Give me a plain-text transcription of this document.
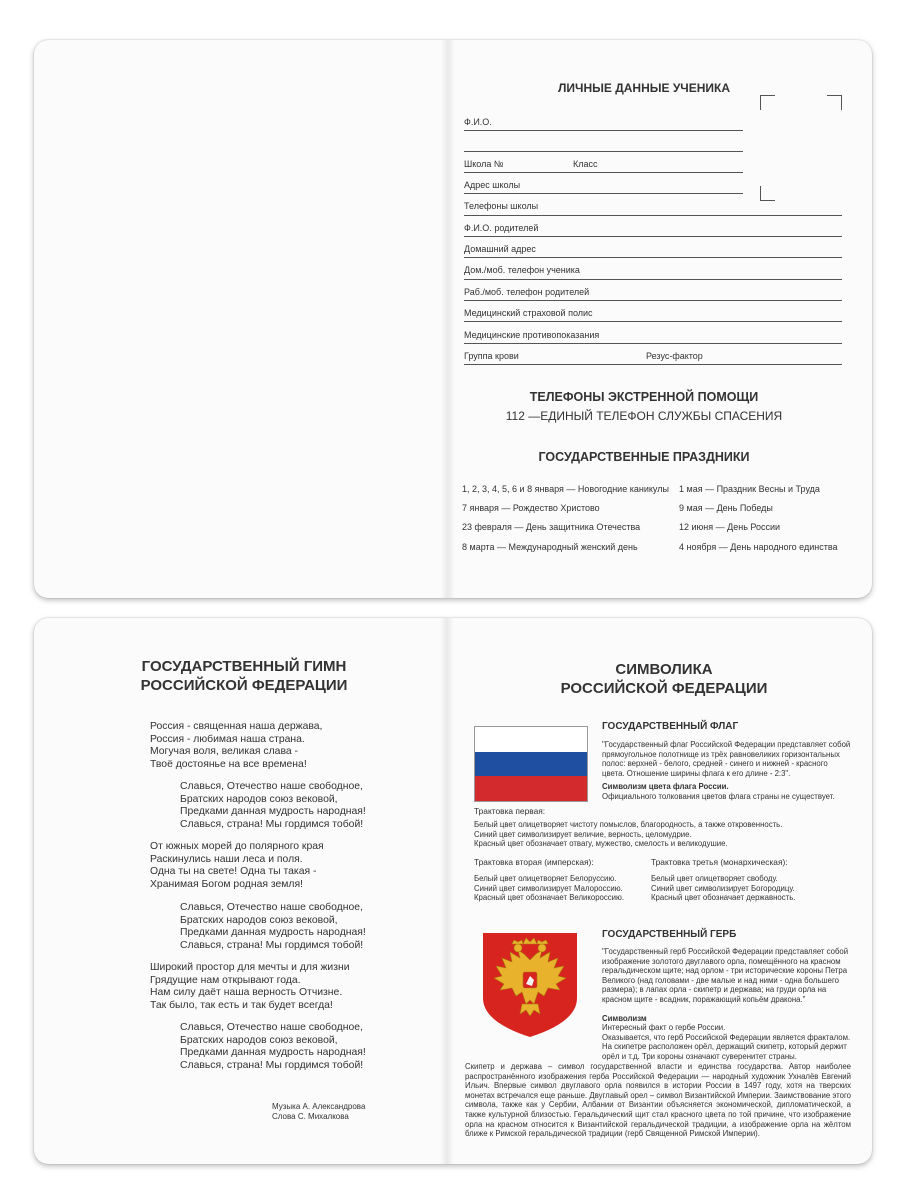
ЛИЧНЫЕ ДАННЫЕ УЧЕНИКА
Ф.И.О.
Школа №	Класс
Адрес школы
Телефоны школы
Ф.И.О. родителей
Домашний адрес
Дом./моб. телефон ученика
Раб./моб. телефон родителей
Медицинский страховой полис
Медицинские противопоказания
Группа крови	Резус-фактор
ТЕЛЕФОНЫ ЭКСТРЕННОЙ ПОМОЩИ
112 —ЕДИНЫЙ ТЕЛЕФОН СЛУЖБЫ СПАСЕНИЯ
ГОСУДАРСТВЕННЫЕ ПРАЗДНИКИ
1, 2, 3, 4, 5, 6 и 8 января — Новогодние каникулы
7 января — Рождество Христово
23 февраля — День защитника Отечества
8 марта — Международный женский день
1 мая — Праздник Весны и Труда
9 мая — День Победы
12 июня — День России
4 ноября — День народного единства
ГОСУДАРСТВЕННЫЙ ГИМН
РОССИЙСКОЙ ФЕДЕРАЦИИ
Россия - священная наша держава,
Россия - любимая наша страна.
Могучая воля, великая слава -
Твоё достоянье на все времена!
Славься, Отечество наше свободное,
Братских народов союз вековой,
Предками данная мудрость народная!
Славься, страна! Мы гордимся тобой!
От южных морей до полярного края
Раскинулись наши леса и поля.
Одна ты на свете! Одна ты такая -
Хранимая Богом родная земля!
Славься, Отечество наше свободное,
Братских народов союз вековой,
Предками данная мудрость народная!
Славься, страна! Мы гордимся тобой!
Широкий простор для мечты и для жизни
Грядущие нам открывают года.
Нам силу даёт наша верность Отчизне.
Так было, так есть и так будет всегда!
Славься, Отечество наше свободное,
Братских народов союз вековой,
Предками данная мудрость народная!
Славься, страна! Мы гордимся тобой!
Музыка А. Александрова
Слова С. Михалкова
СИМВОЛИКА
РОССИЙСКОЙ ФЕДЕРАЦИИ
ГОСУДАРСТВЕННЫЙ ФЛАГ
"Государственный флаг Российской Федерации представляет собой прямоугольное полотнище из трёх равновеликих горизонтальных полос: верхней - белого, средней - синего и нижней - красного цвета. Отношение ширины флага к его длине - 2:3".
Символизм цвета флага России.
Официального толкования цветов флага страны не существует.
Трактовка первая:
Белый цвет олицетворяет чистоту помыслов, благородность, а также откровенность.
Синий цвет символизирует величие, верность, целомудрие.
Красный цвет обозначает отвагу, мужество, смелость и великодушие.
Трактовка вторая (имперская):
Белый цвет олицетворяет Белоруссию.
Синий цвет символизирует Малороссию.
Красный цвет обозначает Великороссию.
Трактовка третья (монархическая):
Белый цвет олицетворяет свободу.
Синий цвет символизирует Богородицу.
Красный цвет обозначает державность.
ГОСУДАРСТВЕННЫЙ ГЕРБ
"Государственный герб Российской Федерации представляет собой изображение золотого двуглавого орла, помещённого на красном геральдическом щите; над орлом - три исторические короны Петра Великого (над головами - две малые и над ними - одна большего размера); в лапах орла - скипетр и держава; на груди орла на красном щите - всадник, поражающий копьём дракона."
Символизм
Интересный факт о гербе России.
Оказывается, что герб Российской Федерации является фракталом.
На скипетре расположен орёл, держащий скипетр, который держит
орёл и т.д. Три короны означают суверенитет страны.
Скипетр и держава – символ государственной власти и единства государства. Автор наиболее распространённого изображения герба Российской Федерации — народный художник Ухналёв Евгений Ильич. Впервые символ двуглавого орла появился в истории России в 1497 году, хотя на тверских монетах встречался еще раньше. Двуглавый орел – символ Византийской Империи. Заимствование этого символа, также как у Сербии, Албании от Византии объясняется экономической, дипломатической, а также культурной близостью. Геральдический щит стал красного цвета по той причине, что изображение орла на красном относится к Византийской геральдической традиции, а изображение орла на жёлтом ближе к Римской геральдической традиции (герб Священной Римской Империи).
